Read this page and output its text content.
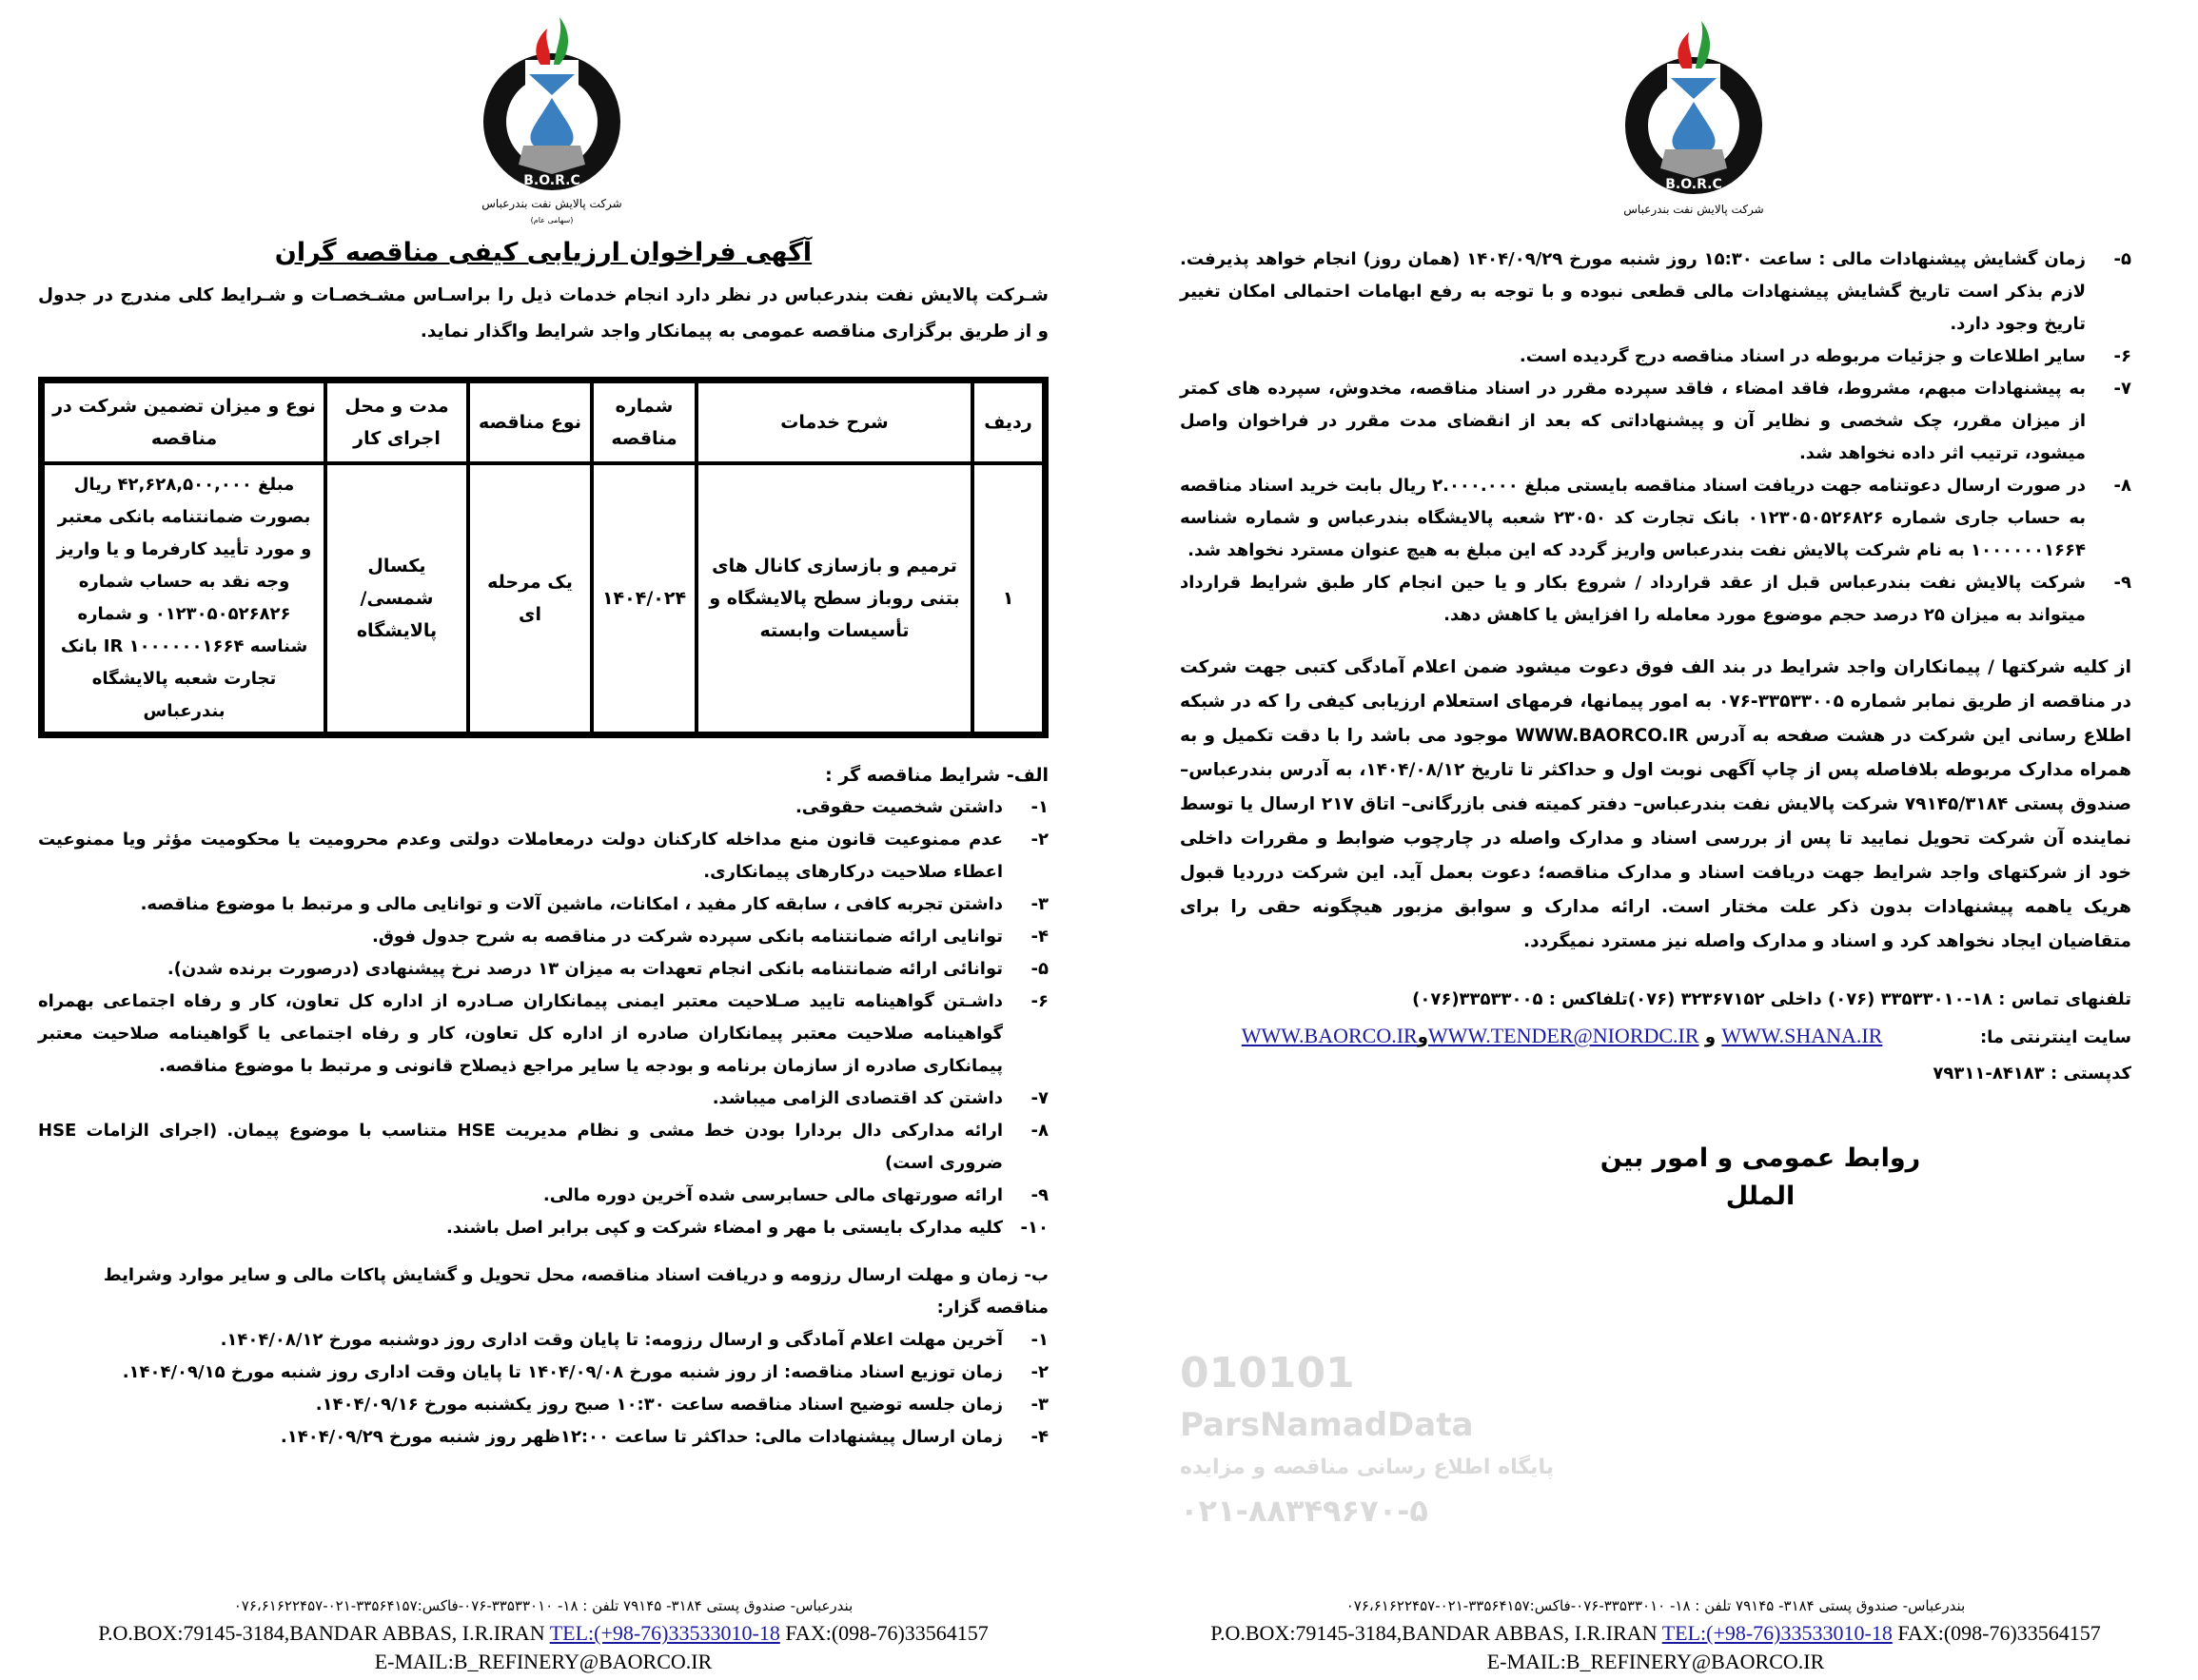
B.O.R.C
شرکت پالایش نفت بندرعباس
(سهامی عام)
آگهی فراخوان ارزیابی کیفی مناقصه گران
شـرکت پالایش نفت بندرعباس در نظر دارد انجام خدمات ذیل را براسـاس مشـخصـات و شـرایط کلی مندرج در جدول و از طریق برگزاری مناقصه عمومی به پیمانکار واجد شرایط واگذار نماید.
ردیف	شرح خدمات	شماره مناقصه	نوع مناقصه	مدت و محل اجرای کار	نوع و میزان تضمین شرکت در مناقصه
۱	ترمیم و بازسازی کانال های بتنی روباز سطح پالایشگاه و تأسیسات وابسته	۱۴۰۴/۰۲۴	یک مرحله ای	یکسال شمسی/ پالایشگاه	مبلغ ۴۲,۶۲۸,۵۰۰,۰۰۰ ریال بصورت ضمانتنامه بانکی معتبر و مورد تأیید کارفرما و یا واریز وجه نقد به حساب شماره ۰۱۲۳۰۵۰۵۲۶۸۲۶ و شماره شناسه IR ۱۰۰۰۰۰۰۱۶۶۴ بانک تجارت شعبه پالایشگاه بندرعباس
الف- شرایط مناقصه گر :
۱-
داشتن شخصیت حقوقی.
۲-
عدم ممنوعیت قانون منع مداخله کارکنان دولت درمعاملات دولتی وعدم محرومیت یا محکومیت مؤثر ویا ممنوعیت اعطاء صلاحیت درکارهای پیمانکاری.
۳-
داشتن تجربه کافی ، سابقه کار مفید ، امکانات، ماشین آلات و توانایی مالی و مرتبط با موضوع مناقصه.
۴-
توانایی ارائه ضمانتنامه بانکی سپرده شرکت در مناقصه به شرح جدول فوق.
۵-
توانائی ارائه ضمانتنامه بانکی انجام تعهدات به میزان ۱۳ درصد نرخ پیشنهادی (درصورت برنده شدن).
۶-
داشـتن گواهینامه تایید صـلاحیت معتبر ایمنی پیمانکاران صـادره از اداره کل تعاون، کار و رفاه اجتماعی بهمراه گواهینامه صلاحیت معتبر پیمانکاران صادره از اداره کل تعاون، کار و رفاه اجتماعی یا گواهینامه صلاحیت معتبر پیمانکاری صادره از سازمان برنامه و بودجه یا سایر مراجع ذیصلاح قانونی و مرتبط با موضوع مناقصه.
۷-
داشتن کد اقتصادی الزامی میباشد.
۸-
ارائه مدارکی دال بردارا بودن خط مشی و نظام مدیریت HSE متناسب با موضوع پیمان. (اجرای الزامات HSE ضروری است)
۹-
ارائه صورتهای مالی حسابرسی شده آخرین دوره مالی.
۱۰-
کلیه مدارک بایستی با مهر و امضاء شرکت و کپی برابر اصل باشند.
ب- زمان و مهلت ارسال رزومه و دریافت اسناد مناقصه، محل تحویل و گشایش پاکات مالی و سایر موارد وشرایط مناقصه گزار:
۱-
آخرین مهلت اعلام آمادگی و ارسال رزومه: تا پایان وقت اداری روز دوشنبه مورخ ۱۴۰۴/۰۸/۱۲.
۲-
زمان توزیع اسناد مناقصه: از روز شنبه مورخ ۱۴۰۴/۰۹/۰۸ تا پایان وقت اداری روز شنبه مورخ ۱۴۰۴/۰۹/۱۵.
۳-
زمان جلسه توضیح اسناد مناقصه ساعت ۱۰:۳۰ صبح روز یکشنبه مورخ ۱۴۰۴/۰۹/۱۶.
۴-
زمان ارسال پیشنهادات مالی: حداکثر تا ساعت ۱۲:۰۰ظهر روز شنبه مورخ ۱۴۰۴/۰۹/۲۹.
بندرعباس- صندوق پستی ۳۱۸۴- ۷۹۱۴۵ تلفن : ۱۸- ۳۳۵۳۳۰۱۰-۰۷۶-فاکس:۳۳۵۶۴۱۵۷-۰۲۱-۰۷۶،۶۱۶۲۲۴۵۷
P.O.BOX:79145-3184,BANDAR ABBAS, I.R.IRAN TEL:(+98-76)33533010-18 FAX:(098-76)33564157
E-MAIL:B_REFINERY@BAORCO.IR
B.O.R.C
شرکت پالایش نفت بندرعباس
۵-
زمان گشایش پیشنهادات مالی : ساعت ۱۵:۳۰ روز شنبه مورخ ۱۴۰۴/۰۹/۲۹ (همان روز) انجام خواهد پذیرفت. لازم بذکر است تاریخ گشایش پیشنهادات مالی قطعی نبوده و با توجه به رفع ابهامات احتمالی امکان تغییر تاریخ وجود دارد.
۶-
سایر اطلاعات و جزئیات مربوطه در اسناد مناقصه درج گردیده است.
۷-
به پیشنهادات مبهم، مشروط، فاقد امضاء ، فاقد سپرده مقرر در اسناد مناقصه، مخدوش، سپرده های کمتر از میزان مقرر، چک شخصی و نظایر آن و پیشنهاداتی که بعد از انقضای مدت مقرر در فراخوان واصل میشود، ترتیب اثر داده نخواهد شد.
۸-
در صورت ارسال دعوتنامه جهت دریافت اسناد مناقصه بایستی مبلغ ۲.۰۰۰.۰۰۰ ریال بابت خرید اسناد مناقصه به حساب جاری شماره ۰۱۲۳۰۵۰۵۲۶۸۲۶ بانک تجارت کد ۲۳۰۵۰ شعبه پالایشگاه بندرعباس و شماره شناسه ۱۰۰۰۰۰۰۱۶۶۴ به نام شرکت پالایش نفت بندرعباس واریز گردد که این مبلغ به هیچ عنوان مسترد نخواهد شد.
۹-
شرکت پالایش نفت بندرعباس قبل از عقد قرارداد / شروع بکار و یا حین انجام کار طبق شرایط قرارداد میتواند به میزان ۲۵ درصد حجم موضوع مورد معامله را افزایش یا کاهش دهد.
از کلیه شرکتها / پیمانکاران واجد شرایط در بند الف فوق دعوت میشود ضمن اعلام آمادگی کتبی جهت شرکت در مناقصه از طریق نمابر شماره ۳۳۵۳۳۰۰۵-۰۷۶ به امور پیمانها، فرمهای استعلام ارزیابی کیفی را که در شبکه اطلاع رسانی این شرکت در هشت صفحه به آدرس WWW.BAORCO.IR موجود می باشد را با دقت تکمیل و به همراه مدارک مربوطه بلافاصله پس از چاپ آگهی نوبت اول و حداکثر تا تاریخ ۱۴۰۴/۰۸/۱۲، به آدرس بندرعباس–صندوق پستی ۷۹۱۴۵/۳۱۸۴ شرکت پالایش نفت بندرعباس– دفتر کمیته فنی بازرگانی– اتاق ۲۱۷ ارسال یا توسط نماینده آن شرکت تحویل نمایید تا پس از بررسی اسناد و مدارک واصله در چارچوب ضوابط و مقررات داخلی خود از شرکتهای واجد شرایط جهت دریافت اسناد و مدارک مناقصه؛ دعوت بعمل آید. این شرکت درردیا قبول هریک یاهمه پیشنهادات بدون ذکر علت مختار است. ارائه مدارک و سوابق مزبور هیچگونه حقی را برای متقاضیان ایجاد نخواهد کرد و اسناد و مدارک واصله نیز مسترد نمیگردد.
تلفنهای تماس : ۱۸-۳۳۵۳۳۰۱۰ (۰۷۶) داخلی ۳۲۳۶۷۱۵۲ (۰۷۶)تلفاکس : ۳۳۵۳۳۰۰۵(۰۷۶)
سایت اینترنتی ما:  WWW.SHANA.IR و WWW.TENDER@NIORDC.IRوWWW.BAORCO.IR
کدپستی : ۸۴۱۸۳-۷۹۳۱۱
روابط عمومی و امور بین الملل
بندرعباس- صندوق پستی ۳۱۸۴- ۷۹۱۴۵ تلفن : ۱۸- ۳۳۵۳۳۰۱۰-۰۷۶-فاکس:۳۳۵۶۴۱۵۷-۰۲۱-۰۷۶،۶۱۶۲۲۴۵۷
P.O.BOX:79145-3184,BANDAR ABBAS, I.R.IRAN TEL:(+98-76)33533010-18 FAX:(098-76)33564157
E-MAIL:B_REFINERY@BAORCO.IR
010101
ParsNamadData
پایگاه اطلاع رسانی مناقصه و مزایده
۰۲۱-۸۸۳۴۹۶۷۰-۵
